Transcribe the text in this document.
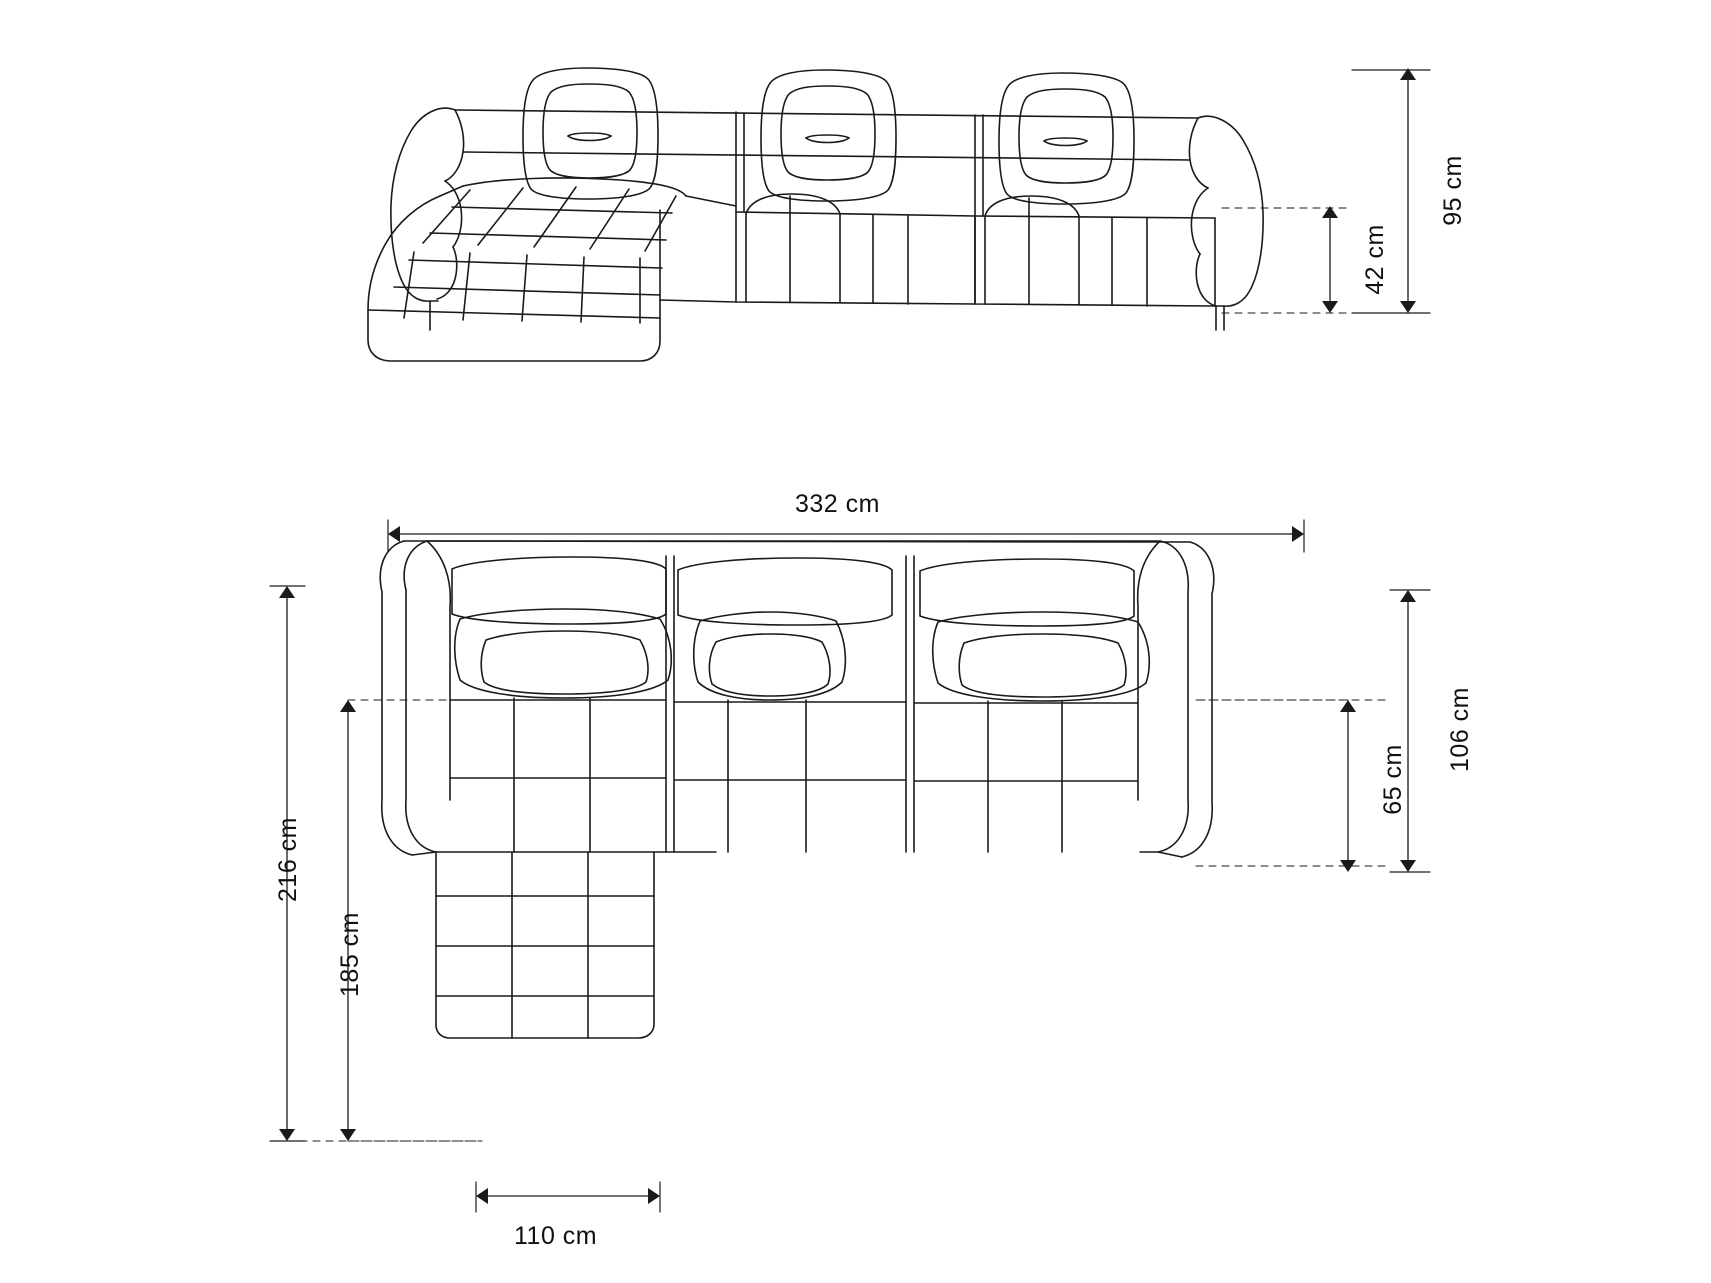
95 cm
42 cm
332 cm
216 cm
185 cm
106 cm
65 cm
110 cm
